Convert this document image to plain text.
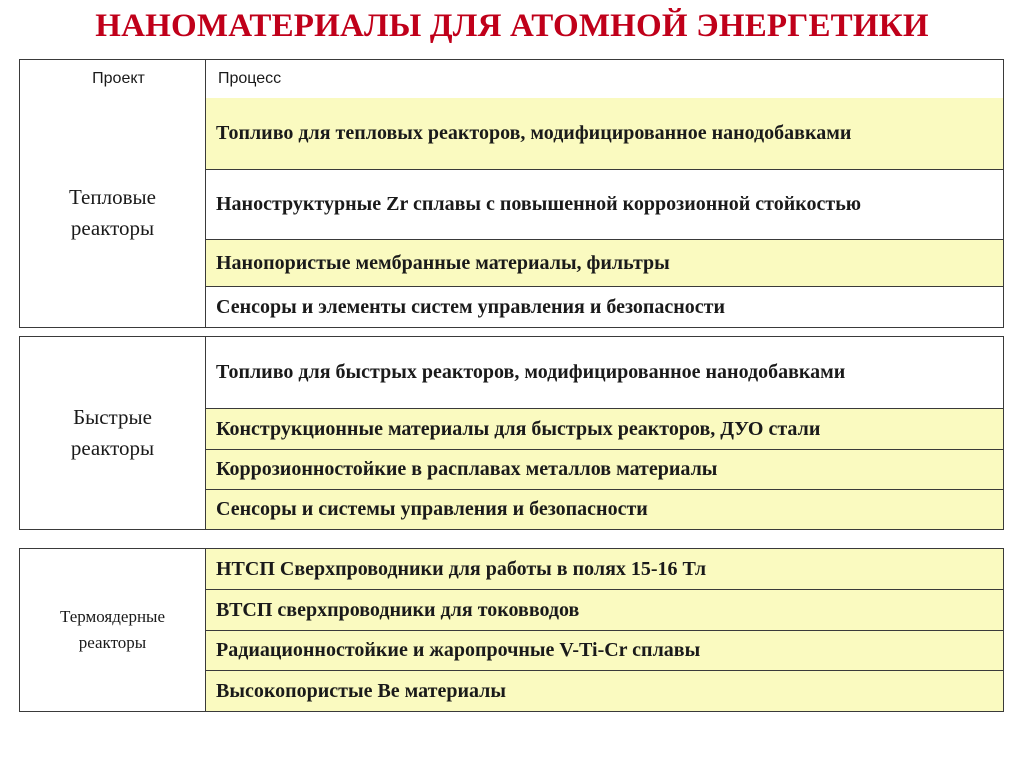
НАНОМАТЕРИАЛЫ ДЛЯ АТОМНОЙ ЭНЕРГЕТИКИ
Проект	Процесс
Тепловые
реакторы
Топливо для тепловых реакторов, модифицированное нанодобавками
Наноструктурные Zr сплавы с повышенной коррозионной стойкостью
Нанопористые мембранные материалы, фильтры
Сенсоры и элементы систем управления и безопасности
Быстрые
реакторы
Топливо для быстрых реакторов, модифицированное нанодобавками
Конструкционные материалы для быстрых реакторов, ДУО стали
Коррозионностойкие в расплавах металлов материалы
Сенсоры и системы управления и безопасности
Термоядерные
реакторы
НТСП Сверхпроводники для работы в полях 15-16 Тл
ВТСП сверхпроводники для токовводов
Радиационностойкие и жаропрочные V-Ti-Cr сплавы
Высокопористые Ве материалы
